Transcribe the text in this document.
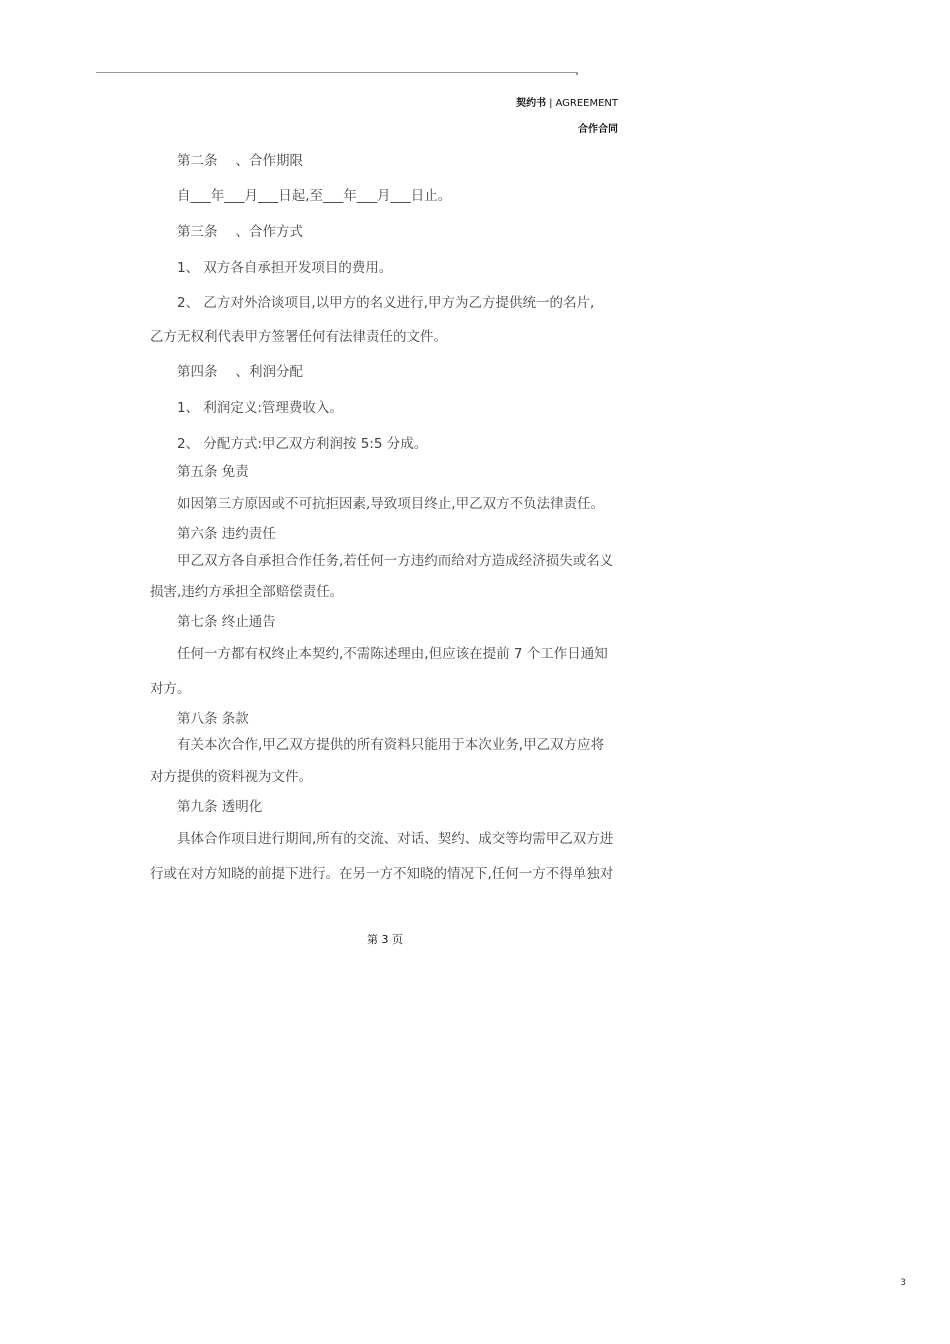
契约书 | AGREEMENT
合作合同
第二条 、合作期限
自___年___月___日起,至___年___月___日止。
第三条 、合作方式
1、 双方各自承担开发项目的费用。
2、 乙方对外洽谈项目,以甲方的名义进行,甲方为乙方提供统一的名片,
乙方无权利代表甲方签署任何有法律责任的文件。
第四条 、利润分配
1、 利润定义:管理费收入。
2、 分配方式:甲乙双方利润按 5:5 分成。
第五条 免责
如因第三方原因或不可抗拒因素,导致项目终止,甲乙双方不负法律责任。
第六条 违约责任
甲乙双方各自承担合作任务,若任何一方违约而给对方造成经济损失或名义
损害,违约方承担全部赔偿责任。
第七条 终止通告
任何一方都有权终止本契约,不需陈述理由,但应该在提前 7 个工作日通知
对方。
第八条 条款
有关本次合作,甲乙双方提供的所有资料只能用于本次业务,甲乙双方应将
对方提供的资料视为文件。
第九条 透明化
具体合作项目进行期间,所有的交流、对话、契约、成交等均需甲乙双方进
行或在对方知晓的前提下进行。在另一方不知晓的情况下,任何一方不得单独对
第 3 页
3
